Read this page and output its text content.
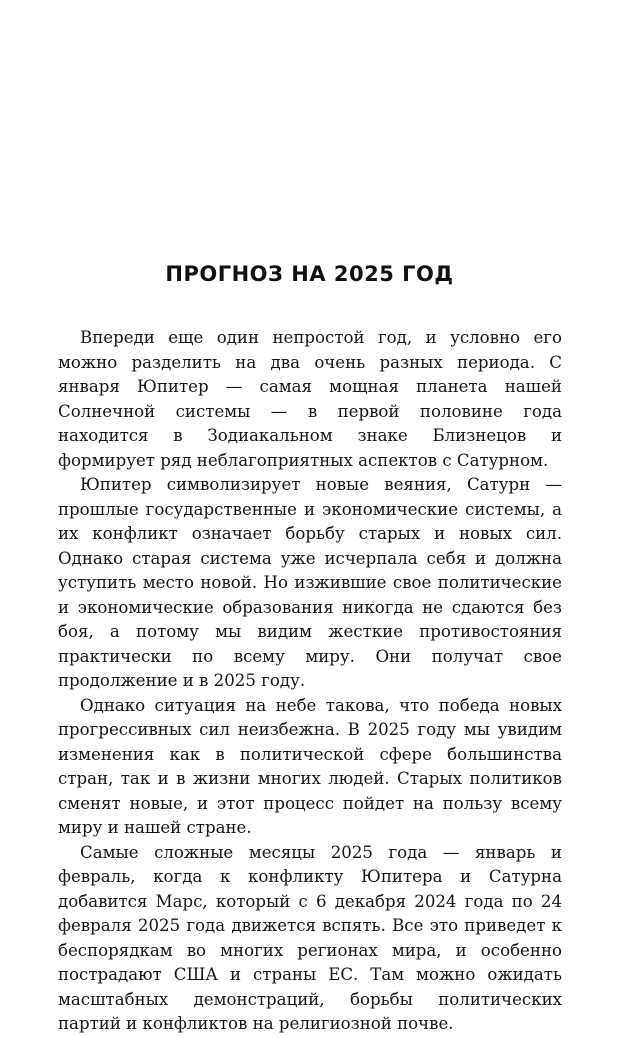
ПРОГНОЗ НА 2025 ГОД

Впереди еще один непростой год, и условно его можно разделить на два очень разных периода. С января Юпитер — самая мощная планета нашей Солнечной системы — в первой половине года находится в Зодиакальном знаке Близнецов и формирует ряд неблагоприятных аспектов с Сатурном.

Юпитер символизирует новые веяния, Сатурн — прошлые государственные и экономические системы, а их конфликт означает борьбу старых и новых сил. Однако старая система уже исчерпала себя и должна уступить место новой. Но изжившие свое политические и экономические образования никогда не сдаются без боя, а потому мы видим жесткие противостояния практически по всему миру. Они получат свое продолжение и в 2025 году.

Однако ситуация на небе такова, что победа новых прогрессивных сил неизбежна. В 2025 году мы увидим изменения как в политической сфере большинства стран, так и в жизни многих людей. Старых политиков сменят новые, и этот процесс пойдет на пользу всему миру и нашей стране.

Самые сложные месяцы 2025 года — январь и февраль, когда к конфликту Юпитера и Сатурна добавится Марс, который с 6 декабря 2024 года по 24 февраля 2025 года движется вспять. Все это приведет к беспорядкам во многих регионах мира, и особенно пострадают США и страны ЕС. Там можно ожидать масштабных демонстраций, борьбы политических партий и конфликтов на религиозной почве.
